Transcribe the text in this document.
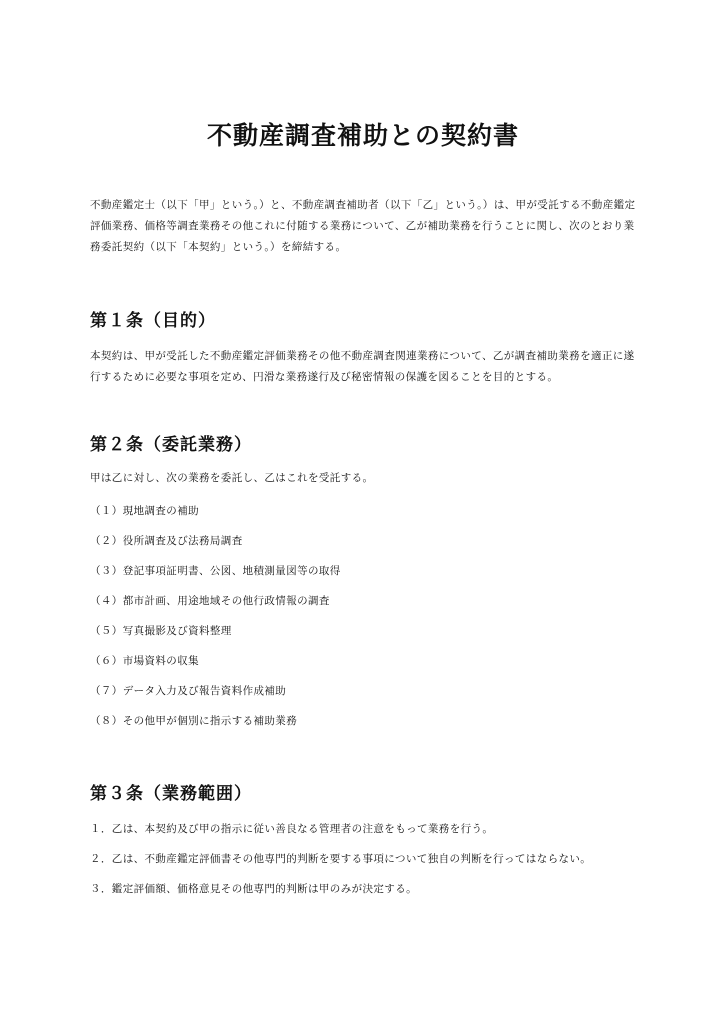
不動産調査補助との契約書

不動産鑑定士（以下「甲」という。）と、不動産調査補助者（以下「乙」という。）は、甲が受託する不動産鑑定評価業務、価格等調査業務その他これに付随する業務について、乙が補助業務を行うことに関し、次のとおり業務委託契約（以下「本契約」という。）を締結する。

第１条（目的）

本契約は、甲が受託した不動産鑑定評価業務その他不動産調査関連業務について、乙が調査補助業務を適正に遂行するために必要な事項を定め、円滑な業務遂行及び秘密情報の保護を図ることを目的とする。

第２条（委託業務）

甲は乙に対し、次の業務を委託し、乙はこれを受託する。

（１）現地調査の補助
（２）役所調査及び法務局調査
（３）登記事項証明書、公図、地積測量図等の取得
（４）都市計画、用途地域その他行政情報の調査
（５）写真撮影及び資料整理
（６）市場資料の収集
（７）データ入力及び報告資料作成補助
（８）その他甲が個別に指示する補助業務
第３条（業務範囲）
１．乙は、本契約及び甲の指示に従い善良なる管理者の注意をもって業務を行う。
２．乙は、不動産鑑定評価書その他専門的判断を要する事項について独自の判断を行ってはならない。
３．鑑定評価額、価格意見その他専門的判断は甲のみが決定する。
